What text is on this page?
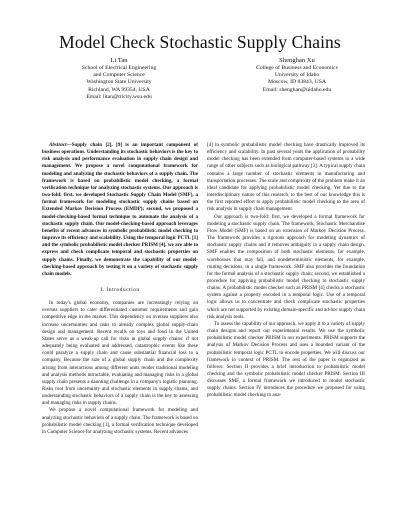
Model Check Stochastic Supply Chains
Li Tan
School of Electrical Engineering
and Computer Science
Washington State University
Richland, WA 99354, USA
Email: litan@tricity.wsu.edu
Shenghan Xu
College of Business and Economics
University of Idaho
Moscow, ID 83843, USA
Email: shenghan@uidaho.edu

Abstract—Supply chain [2], [9] is an important component of business operations. Understanding its stochastic behaviors is the key to risk analysis and performance evaluation in supply chain design and management. We propose a novel computational framework for modeling and analyzing the stochastic behaviors of a supply chain. The framework is based on probabilistic model checking, a formal verification technique for analyzing stochastic systems. Our approach is two-fold: first, we developed Stochastic Supply Chain Model (SMF), a formal framework for modeling stochastic supply chains based on Extended Markov Decision Process (EMDP); second, we proposed a model-checking-based formal technique to automate the analysis of a stochastic supply chain. Our model-checking-based approach leverages benefits of recent advances in symbolic probabilistic model checking to improve its efficiency and scalability. Using the temporal logic PCTL [1] and the symbolic probabilistic model checker PRISM [4], we are able to express and check complicate temporal and stochastic properties on supply chains. Finally, we demonstrate the capability of our model-checking-based approach by testing it on a variety of stochastic supply chain models.

I. Introduction

In today's global economy, companies are increasingly relying on oversea suppliers to cater differentiated customer requirements and gain competitive edge in the market. This dependency on oversea suppliers also increase uncertainties and risks to already complex global supply-chain design and management. Recent recalls on toys and food in the United States serve as a weak-up call for risks in global supply chains: if not adequately being evaluated and addressed, catastrophic events like these could paralyze a supply chain and cause substantial financial loss to a company. Because the size of a global supply chain and the complexity arising from interactions among different units render traditional modeling and analysis methods intractable, evaluating and managing risks in a global supply chain presents a daunting challenge in a company's logistic planning. Risks root from uncertainty and stochastic elements in supply chains, and understanding stochastic behaviors of a supply chain is the key to assessing and managing risks in supply chains.

We propose a novel computational framework for modeling and analyzing stochastic behaviors of a supply chain. The framework is based on probabilistic model checking [1], a formal verification technique developed in Computer Science for analyzing stochastic systems. Recent advances

[4] in symbolic probabilistic model checking have drastically improved its efficiency and scalability. In past several years the application of probability model checking has been extended from computer-based systems to a wide range of other subjects such as biological pathway [3]. A typical supply chain contains a large number of stochastic elements in manufacturing and transportation processes. The scale and complexity of the problem make it an ideal candidate for applying probabilistic model checking. Yet due to the interdisciplinary nature of this research, to the best of our knowledge this is the first reported effort to apply probabilistic model checking to the area of risk analysis in supply chain management.

Our approach is two-fold: first, we developed a formal framework for modeling a stochastic supply chain. The framework, Stochastic Merchandise Flow Model (SMF) is based on an extension of Markov Decision Process. The framework provides a rigorous approach for modeling dynamics of stochastic supply chains and it removes ambiguity in a supply chain design. SMF enables the composition of both stochastic elements, for example, warehouses that may fail, and nondeterministic elements, for example, routing decisions, in a single framework. SMF also provides the foundation for the formal analysis of a stochastic supply chain; second, we established a procedure for applying probabilistic model checking to stochastic supply chains. A probabilistic model checker such as PRISM [4] checks a stochastic system against a property encoded in a temporal logic. Use of a temporal logic allows us to concentrate and check complicate stochastic properties which are not supported by existing domain-specific and ad-hoc supply chain risk analysis tools.

To assess the capability of our approach, we apply it to a variety of supply chain designs and report our experimental results. We use the symbolic probabilistic model checker PRISM in our experiments. PRISM supports the analysis of Markov Decision Process and uses a bounded variant of the probabilistic temporal logic PCTL to encode properties. We will discuss our framework in context of PRISM. The rest of the paper is organized as follows: Section II provides a brief introduction to probabilistic model checking and the symbolic probabilistic model checker PRISM. Section III discusses SMF, a formal framework we introduced to model stochastic supply chains. Section IV introduces the procedure we proposed for using probabilistic model checking to ana-
